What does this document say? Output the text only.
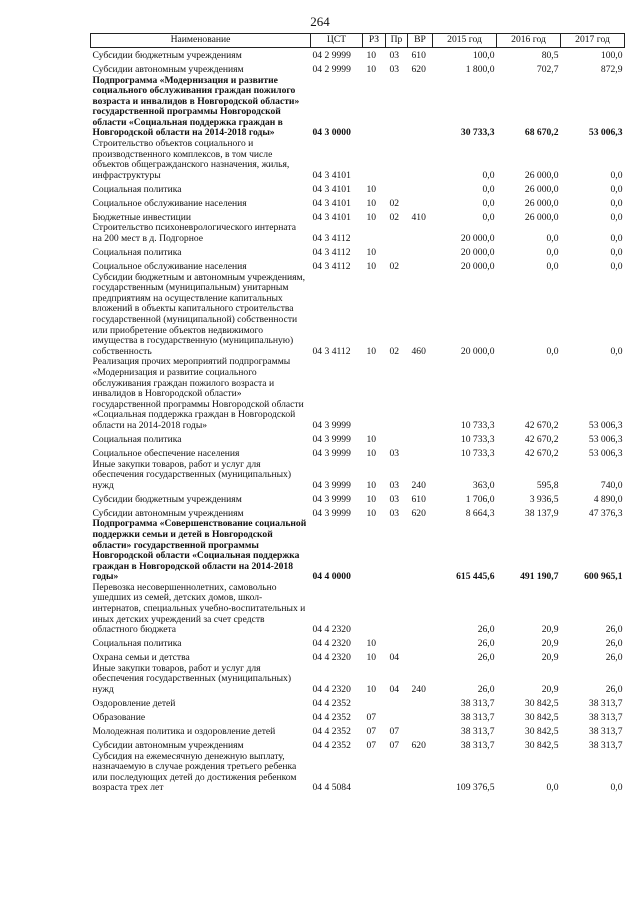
264
Наименование	ЦСТ	РЗ	Пр	ВР	2015 год	2016 год	2017 год
Субсидии бюджетным учреждениям	04 2 9999	10	03	610	100,0	80,5	100,0
Субсидии автономным учреждениям	04 2 9999	10	03	620	1 800,0	702,7	872,9
Подпрограмма «Модернизация и развитие социального обслуживания граждан пожилого возраста и инвалидов в Новгородской области» государственной программы Новгородской области «Социальная поддержка граждан в Новгородской области на 2014-2018 годы»	04 3 0000				30 733,3	68 670,2	53 006,3
Строительство объектов социального и производственного комплексов, в том числе объектов общегражданского назначения, жилья, инфраструктуры	04 3 4101				0,0	26 000,0	0,0
Социальная политика	04 3 4101	10			0,0	26 000,0	0,0
Социальное обслуживание населения	04 3 4101	10	02		0,0	26 000,0	0,0
Бюджетные инвестиции	04 3 4101	10	02	410	0,0	26 000,0	0,0
Строительство психоневрологического интерната на 200 мест в д. Подгорное	04 3 4112				20 000,0	0,0	0,0
Социальная политика	04 3 4112	10			20 000,0	0,0	0,0
Социальное обслуживание населения	04 3 4112	10	02		20 000,0	0,0	0,0
Субсидии бюджетным и автономным учреждениям, государственным (муниципальным) унитарным предприятиям на осуществление капитальных вложений в объекты капитального строительства государственной (муниципальной) собственности или приобретение объектов недвижимого имущества в государственную (муниципальную) собственность	04 3 4112	10	02	460	20 000,0	0,0	0,0
Реализация прочих мероприятий подпрограммы «Модернизация и развитие социального обслуживания граждан пожилого возраста и инвалидов в Новгородской области» государственной программы Новгородской области «Социальная поддержка граждан в Новгородской области на 2014-2018 годы»	04 3 9999				10 733,3	42 670,2	53 006,3
Социальная политика	04 3 9999	10			10 733,3	42 670,2	53 006,3
Социальное обеспечение населения	04 3 9999	10	03		10 733,3	42 670,2	53 006,3
Иные закупки товаров, работ и услуг для обеспечения государственных (муниципальных) нужд	04 3 9999	10	03	240	363,0	595,8	740,0
Субсидии бюджетным учреждениям	04 3 9999	10	03	610	1 706,0	3 936,5	4 890,0
Субсидии автономным учреждениям	04 3 9999	10	03	620	8 664,3	38 137,9	47 376,3
Подпрограмма «Совершенствование социальной поддержки семьи и детей в Новгородской области» государственной программы Новгородской области «Социальная поддержка граждан в Новгородской области на 2014-2018 годы»	04 4 0000				615 445,6	491 190,7	600 965,1
Перевозка несовершеннолетних, самовольно ушедших из семей, детских домов, школ-интернатов, специальных учебно-воспитательных и иных детских учреждений за счет средств областного бюджета	04 4 2320				26,0	20,9	26,0
Социальная политика	04 4 2320	10			26,0	20,9	26,0
Охрана семьи и детства	04 4 2320	10	04		26,0	20,9	26,0
Иные закупки товаров, работ и услуг для обеспечения государственных (муниципальных) нужд	04 4 2320	10	04	240	26,0	20,9	26,0
Оздоровление детей	04 4 2352				38 313,7	30 842,5	38 313,7
Образование	04 4 2352	07			38 313,7	30 842,5	38 313,7
Молодежная политика и оздоровление детей	04 4 2352	07	07		38 313,7	30 842,5	38 313,7
Субсидии автономным учреждениям	04 4 2352	07	07	620	38 313,7	30 842,5	38 313,7
Субсидия на ежемесячную денежную выплату, назначаемую в случае рождения третьего ребенка или последующих детей до достижения ребенком возраста трех лет	04 4 5084				109 376,5	0,0	0,0
